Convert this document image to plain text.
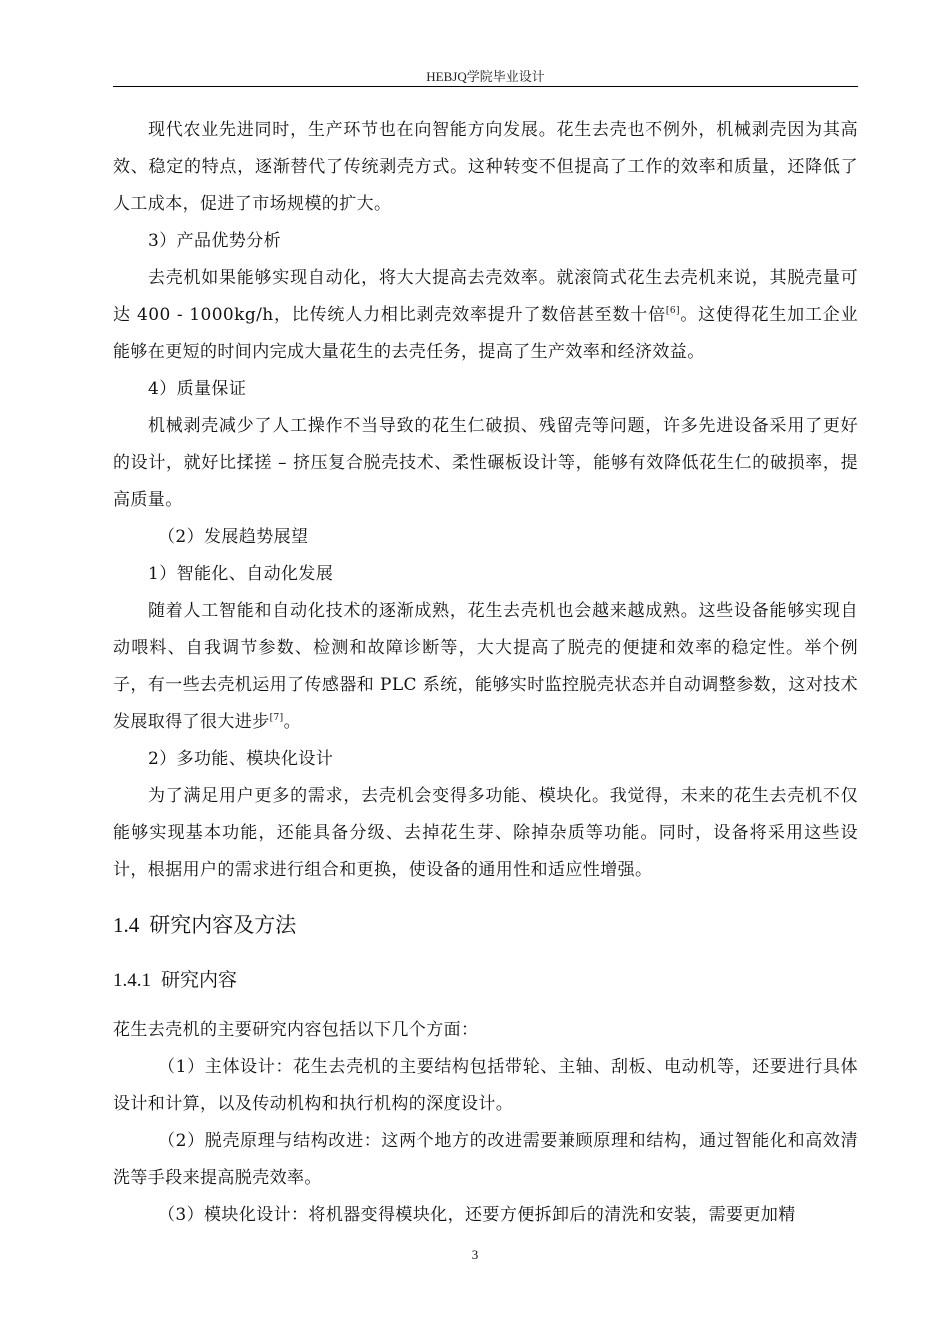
HEBJQ学院毕业设计

现代农业先进同时，生产环节也在向智能方向发展。花生去壳也不例外，机械剥壳因为其高效、稳定的特点，逐渐替代了传统剥壳方式。这种转变不但提高了工作的效率和质量，还降低了人工成本，促进了市场规模的扩大。

3）产品优势分析

去壳机如果能够实现自动化，将大大提高去壳效率。就滚筒式花生去壳机来说，其脱壳量可达 400 - 1000kg/h，比传统人力相比剥壳效率提升了数倍甚至数十倍[6]。这使得花生加工企业能够在更短的时间内完成大量花生的去壳任务，提高了生产效率和经济效益。

4）质量保证

机械剥壳减少了人工操作不当导致的花生仁破损、残留壳等问题，许多先进设备采用了更好的设计，就好比揉搓 – 挤压复合脱壳技术、柔性碾板设计等，能够有效降低花生仁的破损率，提高质量。

（2）发展趋势展望

1）智能化、自动化发展

随着人工智能和自动化技术的逐渐成熟，花生去壳机也会越来越成熟。这些设备能够实现自动喂料、自我调节参数、检测和故障诊断等，大大提高了脱壳的便捷和效率的稳定性。举个例子，有一些去壳机运用了传感器和 PLC 系统，能够实时监控脱壳状态并自动调整参数，这对技术发展取得了很大进步[7]。

2）多功能、模块化设计

为了满足用户更多的需求，去壳机会变得多功能、模块化。我觉得，未来的花生去壳机不仅能够实现基本功能，还能具备分级、去掉花生芽、除掉杂质等功能。同时，设备将采用这些设计，根据用户的需求进行组合和更换，使设备的通用性和适应性增强。

1.4 研究内容及方法
1.4.1 研究内容

花生去壳机的主要研究内容包括以下几个方面：

（1）主体设计：花生去壳机的主要结构包括带轮、主轴、刮板、电动机等，还要进行具体设计和计算，以及传动机构和执行机构的深度设计。

（2）脱壳原理与结构改进：这两个地方的改进需要兼顾原理和结构，通过智能化和高效清洗等手段来提高脱壳效率。

（3）模块化设计：将机器变得模块化，还要方便拆卸后的清洗和安装，需要更加精

3
